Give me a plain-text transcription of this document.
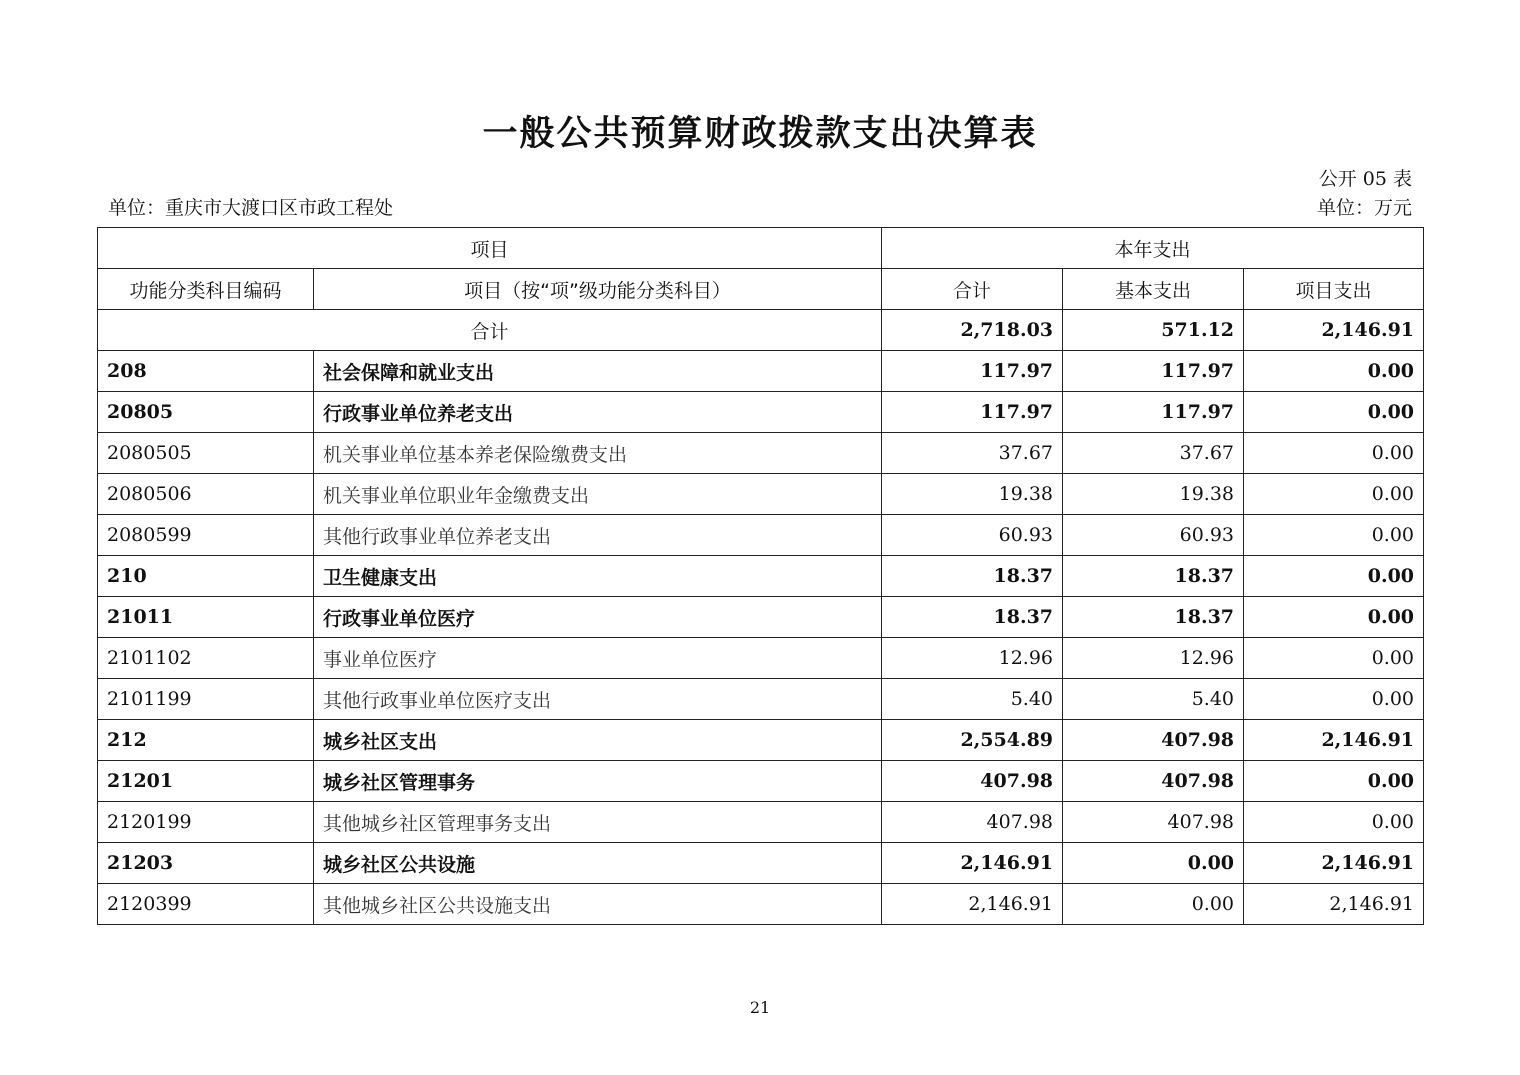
一般公共预算财政拨款支出决算表
公开 05 表
单位：重庆市大渡口区市政工程处	单位：万元
项目		本年支出		
功能分类科目编码	项目（按“项”级功能分类科目）	合计	基本支出	项目支出
合计		2,718.03	571.12	2,146.91
208	社会保障和就业支出	117.97	117.97	0.00
20805	行政事业单位养老支出	117.97	117.97	0.00
2080505	机关事业单位基本养老保险缴费支出	37.67	37.67	0.00
2080506	机关事业单位职业年金缴费支出	19.38	19.38	0.00
2080599	其他行政事业单位养老支出	60.93	60.93	0.00
210	卫生健康支出	18.37	18.37	0.00
21011	行政事业单位医疗	18.37	18.37	0.00
2101102	事业单位医疗	12.96	12.96	0.00
2101199	其他行政事业单位医疗支出	5.40	5.40	0.00
212	城乡社区支出	2,554.89	407.98	2,146.91
21201	城乡社区管理事务	407.98	407.98	0.00
2120199	其他城乡社区管理事务支出	407.98	407.98	0.00
21203	城乡社区公共设施	2,146.91	0.00	2,146.91
2120399	其他城乡社区公共设施支出	2,146.91	0.00	2,146.91
21
